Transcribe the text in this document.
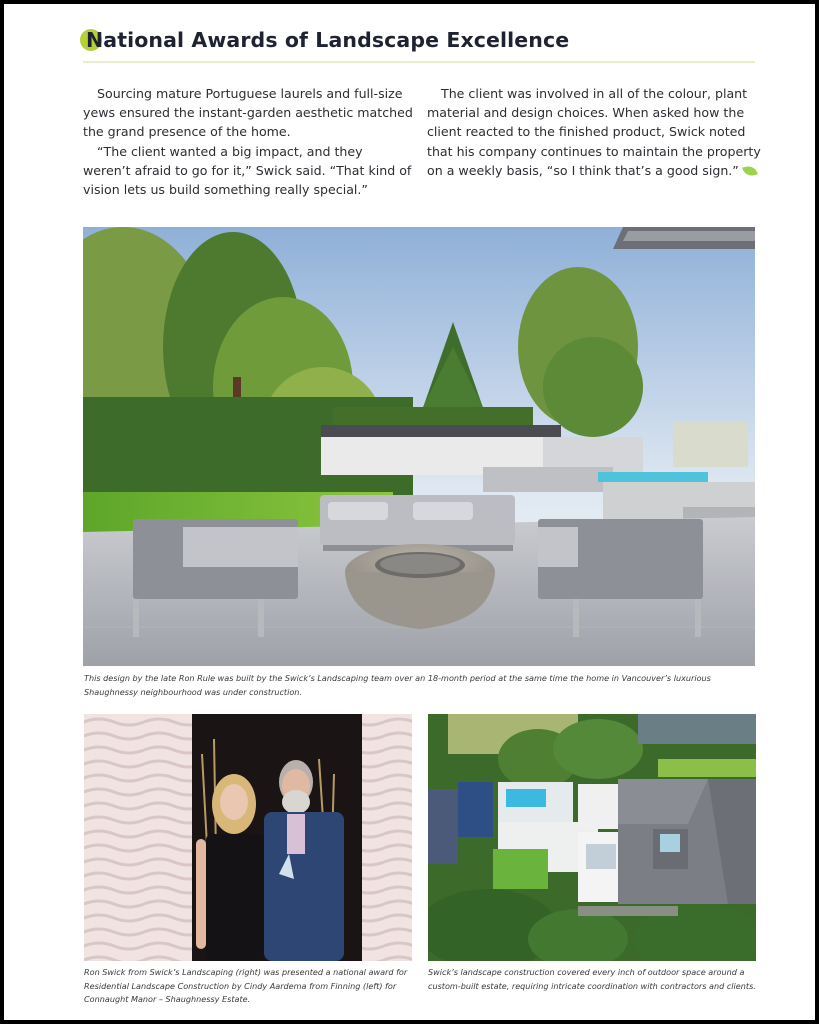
National Awards of Landscape Excellence

Sourcing mature Portuguese laurels and full-size yews ensured the instant-garden aesthetic matched the grand presence of the home.

“The client wanted a big impact, and they weren’t afraid to go for it,” Swick said. “That kind of vision lets us build something really special.”

The client was involved in all of the colour, plant material and design choices. When asked how the client reacted to the finished product, Swick noted that his company continues to maintain the property on a weekly basis, “so I think that’s a good sign.”

This design by the late Ron Rule was built by the Swick’s Landscaping team over an 18-month period at the same time the home in Vancouver’s luxurious Shaughnessy neighbourhood was under construction.

Ron Swick from Swick’s Landscaping (right) was presented a national award for Residential Landscape Construction by Cindy Aardema from Finning (left) for Connaught Manor – Shaughnessy Estate.

Swick’s landscape construction covered every inch of outdoor space around a custom-built estate, requiring intricate coordination with contractors and clients.
